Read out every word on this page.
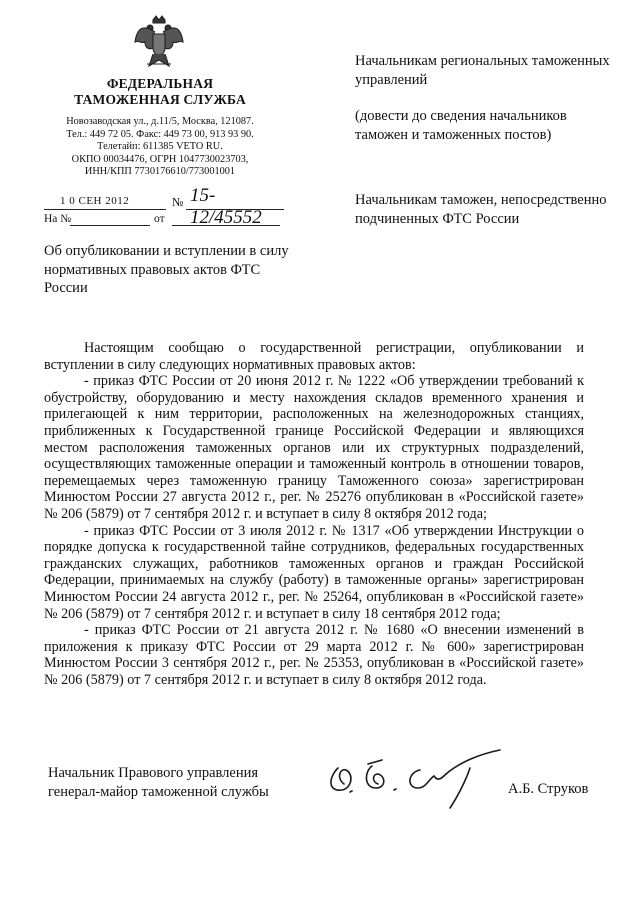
ФЕДЕРАЛЬНАЯ
ТАМОЖЕННАЯ СЛУЖБА
Новозаводская ул., д.11/5, Москва, 121087.
Тел.: 449 72 05. Факс: 449 73 00, 913 93 90.
Телетайп: 611385 VETO RU.
ОКПО 00034476, ОГРН 1047730023703,
ИНН/КПП 7730176610/773001001
1 0 СЕН 2012	№ 15-12/45552
На №	от
Об опубликовании и вступлении в силу нормативных правовых актов ФТС России
Начальникам региональных таможенных управлений
(довести до сведения начальников таможен и таможенных постов)
Начальникам таможен, непосредственно подчиненных ФТС России

Настоящим сообщаю о государственной регистрации, опубликовании и вступлении в силу следующих нормативных правовых актов:

- приказ ФТС России от 20 июня 2012 г. № 1222 «Об утверждении требований к обустройству, оборудованию и месту нахождения складов временного хранения и прилегающей к ним территории, расположенных на железнодорожных станциях, приближенных к Государственной границе Российской Федерации и являющихся местом расположения таможенных органов или их структурных подразделений, осуществляющих таможенные операции и таможенный контроль в отношении товаров, перемещаемых через таможенную границу Таможенного союза» зарегистрирован Минюстом России 27 августа 2012 г., рег. № 25276 опубликован в «Российской газете» № 206 (5879) от 7 сентября 2012 г. и вступает в силу 8 октября 2012 года;

- приказ ФТС России от 3 июля 2012 г. № 1317 «Об утверждении Инструкции о порядке допуска к государственной тайне сотрудников, федеральных государственных гражданских служащих, работников таможенных органов и граждан Российской Федерации, принимаемых на службу (работу) в таможенные органы» зарегистрирован Минюстом России 24 августа 2012 г., рег. № 25264, опубликован в «Российской газете» № 206 (5879) от 7 сентября 2012 г. и вступает в силу 18 сентября 2012 года;

- приказ ФТС России от 21 августа 2012 г. № 1680 «О внесении изменений в приложения к приказу ФТС России от 29 марта 2012 г. № 600» зарегистрирован Минюстом России 3 сентября 2012 г., рег. № 25353, опубликован в «Российской газете» № 206 (5879) от 7 сентября 2012 г. и вступает в силу 8 октября 2012 года.

Начальник Правового управления
генерал-майор таможенной службы	А.Б. Струков
